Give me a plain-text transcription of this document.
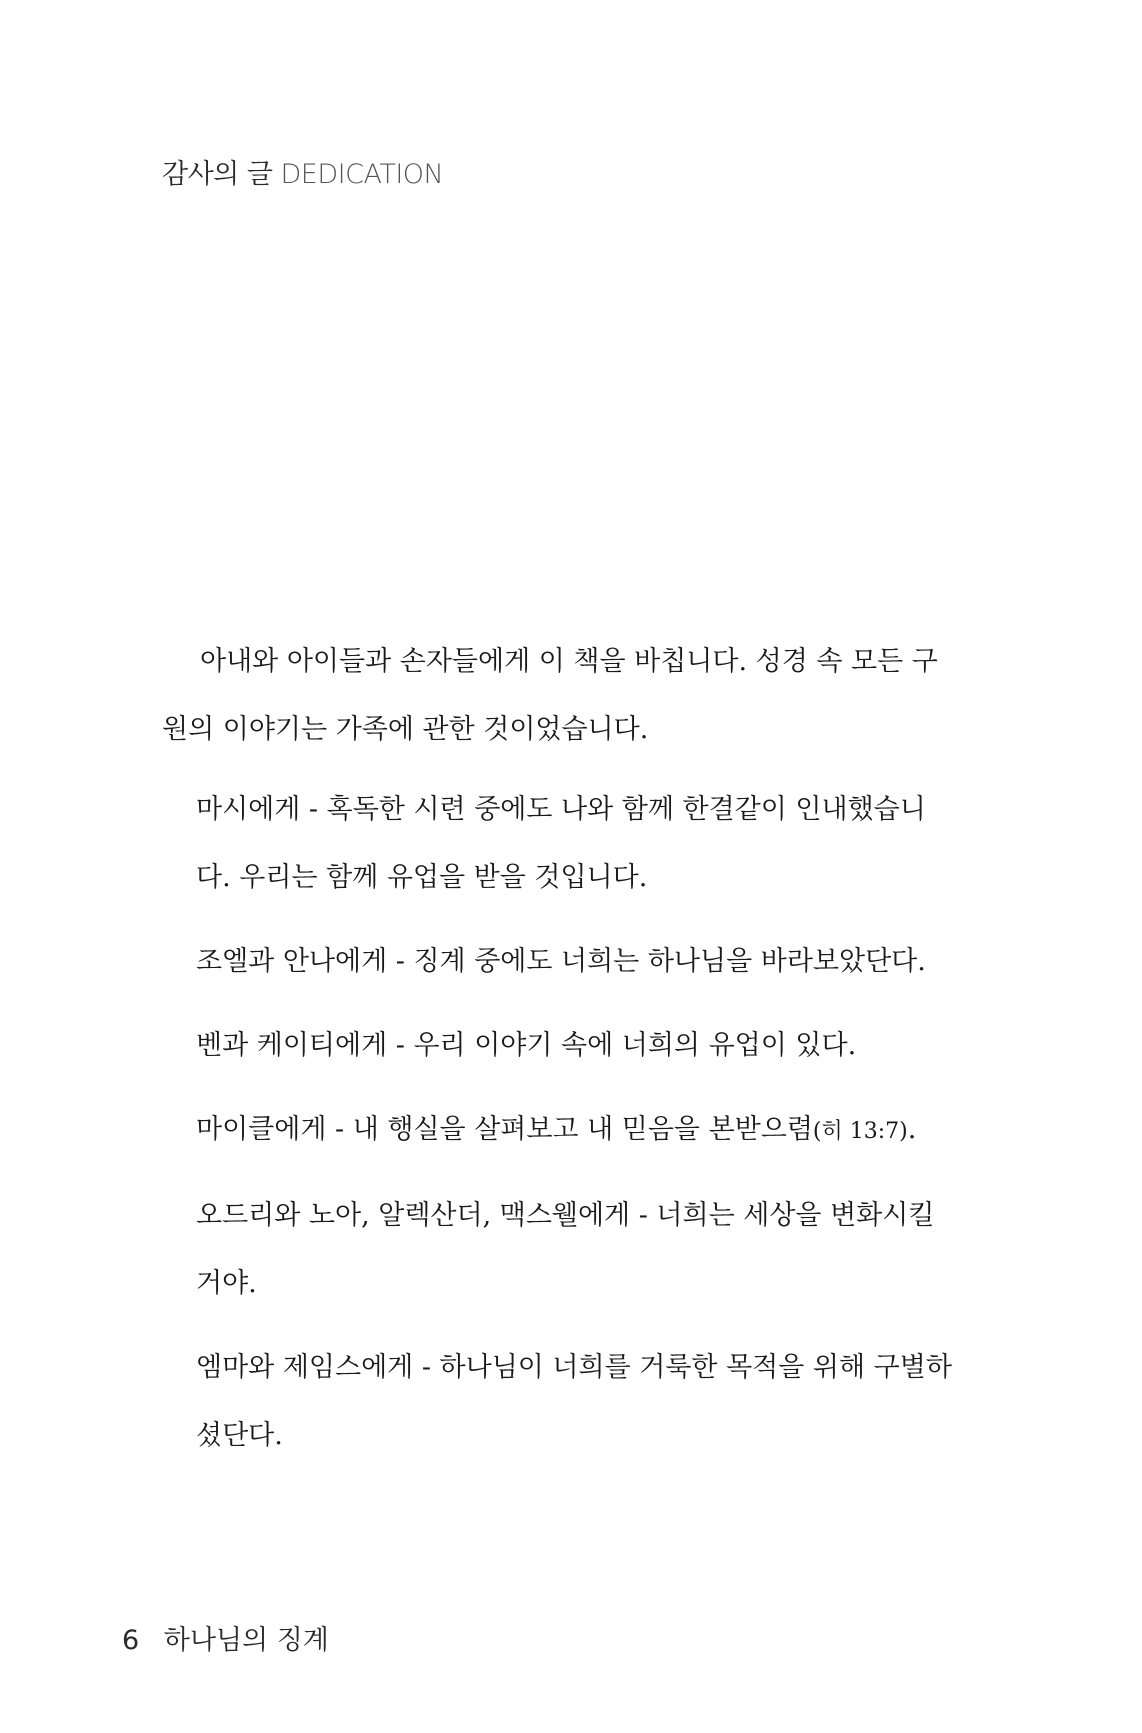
감사의 글 DEDICATION

아내와 아이들과 손자들에게 이 책을 바칩니다. 성경 속 모든 구원의 이야기는 가족에 관한 것이었습니다.

마시에게 - 혹독한 시련 중에도 나와 함께 한결같이 인내했습니다. 우리는 함께 유업을 받을 것입니다.

조엘과 안나에게 - 징계 중에도 너희는 하나님을 바라보았단다.

벤과 케이티에게 - 우리 이야기 속에 너희의 유업이 있다.

마이클에게 - 내 행실을 살펴보고 내 믿음을 본받으렴(히 13:7).

오드리와 노아, 알렉산더, 맥스웰에게 - 너희는 세상을 변화시킬 거야.

엠마와 제임스에게 - 하나님이 너희를 거룩한 목적을 위해 구별하셨단다.

6 하나님의 징계
